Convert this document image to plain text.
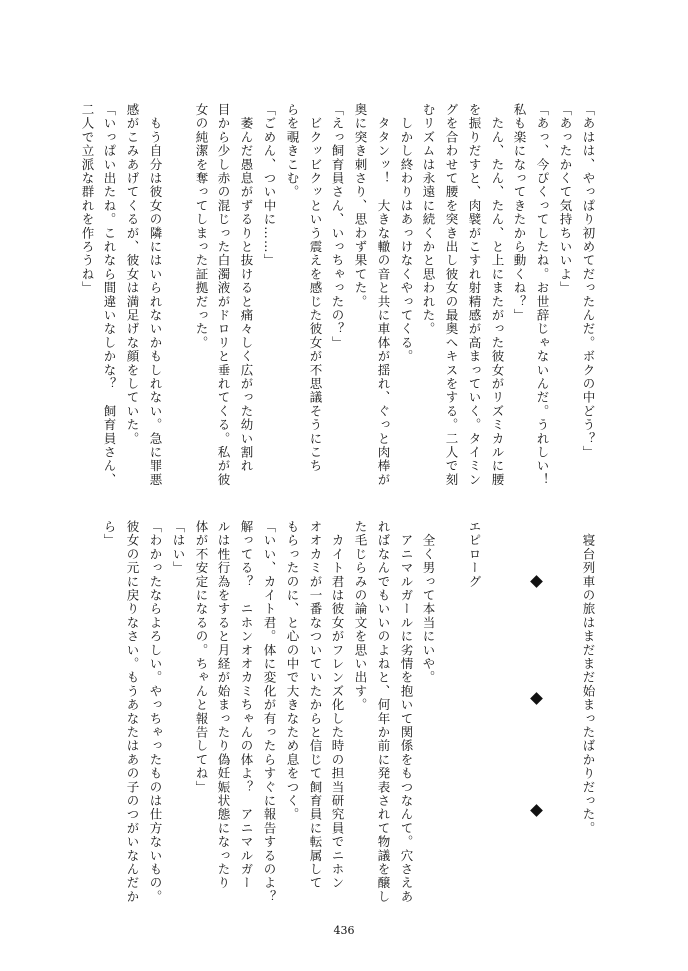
「あはは、やっぱり初めてだったんだ。ボクの中どう？」
「あったかくて気持ちいいよ」
「あっ、今ぴくってしたね。お世辞じゃないんだ。うれしい！
私も楽になってきたから動くね？」
　たん、たん、たん、と上にまたがった彼女がリズミカルに腰
を振りだすと、肉襞がこすれ射精感が高まっていく。タイミン
グを合わせて腰を突き出し彼女の最奥へキスをする。二人で刻
むリズムは永遠に続くかと思われた。
　しかし終わりはあっけなくやってくる。
　タタンッ！　大きな轍の音と共に車体が揺れ、ぐっと肉棒が
奥に突き刺さり、思わず果てた。
「えっ飼育員さん、いっちゃったの？」
　ビクッビクッという震えを感じた彼女が不思議そうにこち
らを覗きこむ。
「ごめん、つい中に……」
　萎んだ愚息がずるりと抜けると痛々しく広がった幼い割れ
目から少し赤の混じった白濁液がドロリと垂れてくる。私が彼
女の純潔を奪ってしまった証拠だった。
　もう自分は彼女の隣にはいられないかもしれない。急に罪悪
感がこみあげてくるが、彼女は満足げな顔をしていた。
「いっぱい出たね。これなら間違いなしかな？　飼育員さん、
二人で立派な群れを作ろうね」
　寝台列車の旅はまだまだ始まったばかりだった。
エピローグ
　全く男って本当にいや。
　アニマルガールに劣情を抱いて関係をもつなんて。穴さえあ
ればなんでもいいのよねと、何年か前に発表されて物議を醸し
た毛じらみの論文を思い出す。
　カイト君は彼女がフレンズ化した時の担当研究員でニホン
オオカミが一番なついていたからと信じて飼育員に転属して
もらったのに、と心の中で大きなため息をつく。
「いい、カイト君。体に変化が有ったらすぐに報告するのよ？
解ってる？　ニホンオオカミちゃんの体よ？　アニマルガー
ルは性行為をすると月経が始まったり偽妊娠状態になったり
体が不安定になるの。ちゃんと報告してね」
「はい」
「わかったならよろしい。やっちゃったものは仕方ないもの。
彼女の元に戻りなさい。もうあなたはあの子のつがいなんだか
ら」
436
